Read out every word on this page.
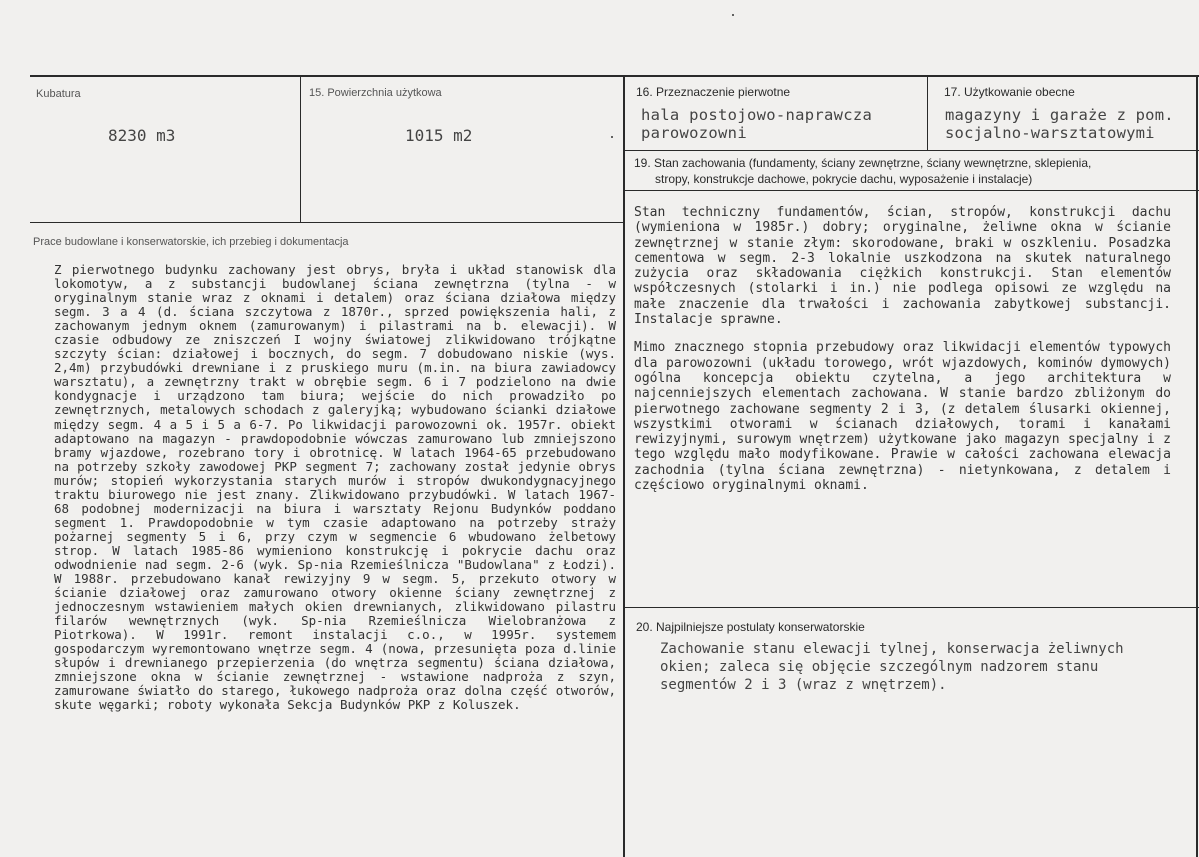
Kubatura
8230 m3
15. Powierzchnia użytkowa
1015 m2
16. Przeznaczenie pierwotne
hala postojowo-naprawcza
parowozowni
17. Użytkowanie obecne
magazyny i garaże z pom.
socjalno-warsztatowymi
19. Stan zachowania (fundamenty, ściany zewnętrzne, ściany wewnętrzne, sklepienia,
stropy, konstrukcje dachowe, pokrycie dachu, wyposażenie i instalacje)

Stan techniczny fundamentów, ścian, stropów, konstrukcji dachu (wymieniona w 1985r.) dobry; oryginalne, żeliwne okna w ścianie zewnętrznej w stanie złym: skorodowane, braki w oszkleniu. Posadzka cementowa w segm. 2-3 lokalnie uszkodzona na skutek naturalnego zużycia oraz składowania ciężkich konstrukcji. Stan elementów współczesnych (stolarki i in.) nie podlega opisowi ze względu na małe znaczenie dla trwałości i zachowania zabytkowej substancji. Instalacje sprawne.

Mimo znacznego stopnia przebudowy oraz likwidacji elementów typowych dla parowozowni (układu torowego, wrót wjazdowych, kominów dymowych) ogólna koncepcja obiektu czytelna, a jego architektura w najcenniejszych elementach zachowana. W stanie bardzo zbliżonym do pierwotnego zachowane segmenty 2 i 3, (z detalem ślusarki okiennej, wszystkimi otworami w ścianach działowych, torami i kanałami rewizyjnymi, surowym wnętrzem) użytkowane jako magazyn specjalny i z tego względu mało modyfikowane. Prawie w całości zachowana elewacja zachodnia (tylna ściana zewnętrzna) - nietynkowana, z detalem i częściowo oryginalnymi oknami.

Prace budowlane i konserwatorskie, ich przebieg i dokumentacja
Z pierwotnego budynku zachowany jest obrys, bryła i układ stanowisk dla lokomotyw, a z substancji budowlanej ściana zewnętrzna (tylna - w oryginalnym stanie wraz z oknami i detalem) oraz ściana działowa między segm. 3 a 4 (d. ściana szczytowa z 1870r., sprzed powiększenia hali, z zachowanym jednym oknem (zamurowanym) i pilastrami na b. elewacji). W czasie odbudowy ze zniszczeń I wojny światowej zlikwidowano trójkątne szczyty ścian: działowej i bocznych, do segm. 7 dobudowano niskie (wys. 2,4m) przybudówki drewniane i z pruskiego muru (m.in. na biura zawiadowcy warsztatu), a zewnętrzny trakt w obrębie segm. 6 i 7 podzielono na dwie kondygnacje i urządzono tam biura; wejście do nich prowadziło po zewnętrznych, metalowych schodach z galeryjką; wybudowano ścianki działowe między segm. 4 a 5 i 5 a 6-7. Po likwidacji parowozowni ok. 1957r. obiekt adaptowano na magazyn - prawdopodobnie wówczas zamurowano lub zmniejszono bramy wjazdowe, rozebrano tory i obrotnicę. W latach 1964-65 przebudowano na potrzeby szkoły zawodowej PKP segment 7; zachowany został jedynie obrys murów; stopień wykorzystania starych murów i stropów dwukondygnacyjnego traktu biurowego nie jest znany. Zlikwidowano przybudówki. W latach 1967-68 podobnej modernizacji na biura i warsztaty Rejonu Budynków poddano segment 1. Prawdopodobnie w tym czasie adaptowano na potrzeby straży pożarnej segmenty 5 i 6, przy czym w segmencie 6 wbudowano żelbetowy strop. W latach 1985-86 wymieniono konstrukcję i pokrycie dachu oraz odwodnienie nad segm. 2-6 (wyk. Sp-nia Rzemieślnicza "Budowlana" z Łodzi). W 1988r. przebudowano kanał rewizyjny 9 w segm. 5, przekuto otwory w ścianie działowej oraz zamurowano otwory okienne ściany zewnętrznej z jednoczesnym wstawieniem małych okien drewnianych, zlikwidowano pilastru filarów wewnętrznych (wyk. Sp-nia Rzemieślnicza Wielobranżowa z Piotrkowa). W 1991r. remont instalacji c.o., w 1995r. systemem gospodarczym wyremontowano wnętrze segm. 4 (nowa, przesunięta poza d.linie słupów i drewnianego przepierzenia (do wnętrza segmentu) ściana działowa, zmniejszone okna w ścianie zewnętrznej - wstawione nadproża z szyn, zamurowane światło do starego, łukowego nadproża oraz dolna część otworów, skute węgarki; roboty wykonała Sekcja Budynków PKP z Koluszek.
20. Najpilniejsze postulaty konserwatorskie
Zachowanie stanu elewacji tylnej, konserwacja żeliwnych okien; zaleca się objęcie szczególnym nadzorem stanu segmentów 2 i 3 (wraz z wnętrzem).
